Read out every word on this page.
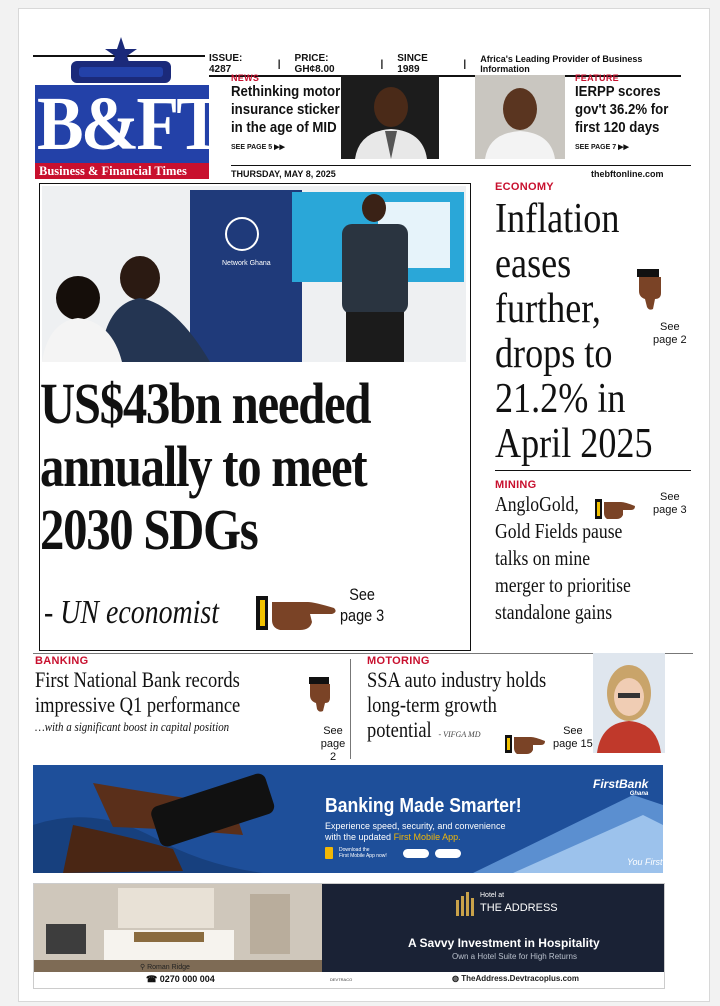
ISSUE: 4287	| PRICE: GH¢8.00	| SINCE 1989	| Africa's Leading Provider of Business Information
B&FT
Business & Financial Times
NEWS
Rethinking motor
insurance sticker
in the age of MID
SEE PAGE 5 ▶▶
FEATURE
IERPP scores
gov't 36.2% for
first 120 days
SEE PAGE 7 ▶▶
THURSDAY, MAY 8, 2025	thebftonline.com
Network Ghana
US$43bn needed
annually to meet
2030 SDGs
- UN economist	See
page 3
ECONOMY
Inflation
eases
further,
drops to
21.2% in
April 2025
See
page 2
MINING
AngloGold,
Gold Fields pause
talks on mine
merger to prioritise
standalone gains
See
page 3
BANKING
First National Bank records
impressive Q1 performance
…with a significant boost in capital position	See
page 2
MOTORING
SSA auto industry holds
long-term growth
potential - VIFGA MD	See
page 15
FirstBank
Ghana
Banking Made Smarter!
Experience speed, security, and convenience
with the updated First Mobile App.
Download the
First Mobile App now!
You First
Hotel at
THE ADDRESS
A Savvy Investment in Hospitality
Own a Hotel Suite for High Returns
⚲ Roman Ridge
☎ 0270 000 004	DEVTRACO	◍ TheAddress.Devtracoplus.com
